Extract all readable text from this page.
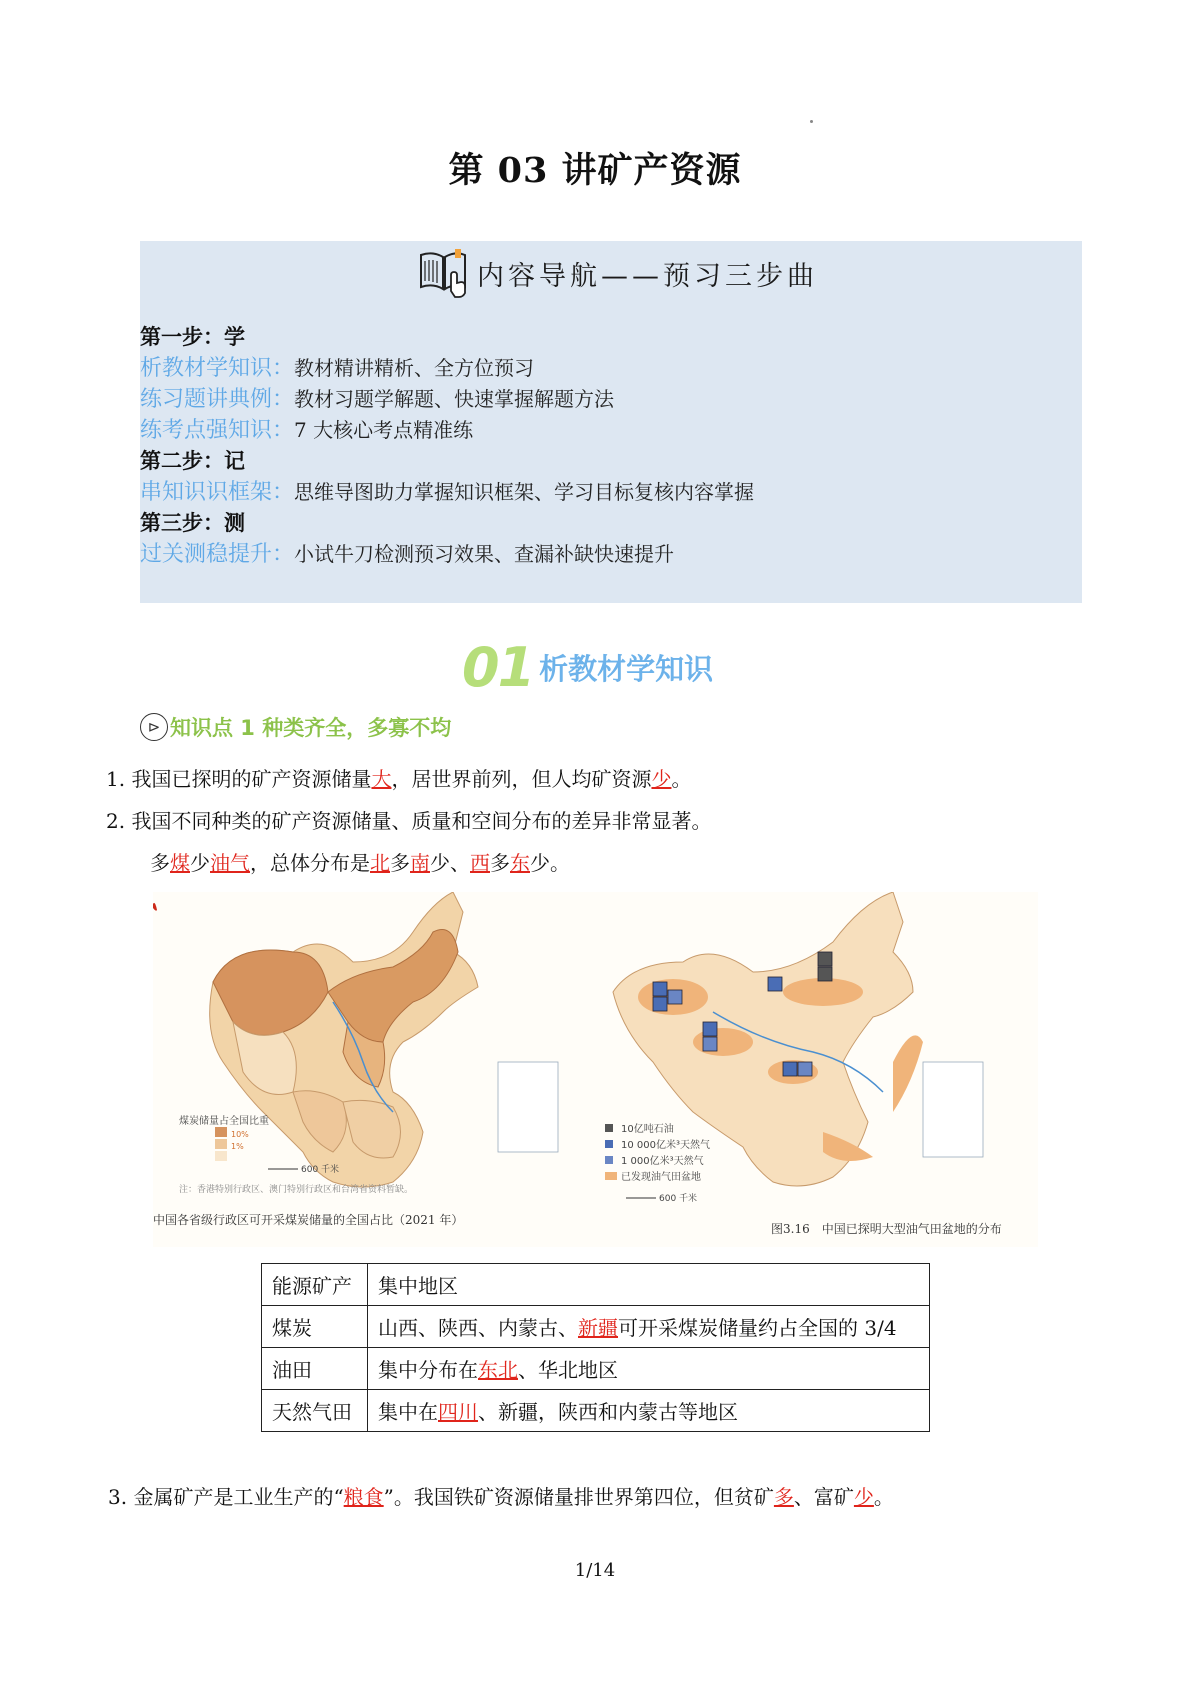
第 03 讲矿产资源
内容导航——预习三步曲
第一步：学
析教材学知识：教材精讲精析、全方位预习
练习题讲典例：教材习题学解题、快速掌握解题方法
练考点强知识：7 大核心考点精准练
第二步：记
串知识识框架：思维导图助力掌握知识框架、学习目标复核内容掌握
第三步：测
过关测稳提升：小试牛刀检测预习效果、查漏补缺快速提升
01 析教材学知识
⊳ 知识点 1 种类齐全，多寡不均
1. 我国已探明的矿产资源储量大，居世界前列，但人均矿资源少。
2. 我国不同种类的矿产资源储量、质量和空间分布的差异非常显著。
多煤少油气，总体分布是北多南少、西多东少。
煤炭储量占全国比重
10%
1%
600 千米
注：香港特别行政区、澳门特别行政区和台湾省资料暂缺。
中国各省级行政区可开采煤炭储量的全国占比（2021 年）
10亿吨石油
10 000亿米³天然气
1 000亿米³天然气
已发现油气田盆地
600 千米
图3.16　中国已探明大型油气田盆地的分布
能源矿产	集中地区
煤炭	山西、陕西、内蒙古、新疆可开采煤炭储量约占全国的 3/4
油田	集中分布在东北、华北地区
天然气田	集中在四川、新疆，陕西和内蒙古等地区
3. 金属矿产是工业生产的“粮食”。我国铁矿资源储量排世界第四位，但贫矿多、富矿少。
1/14
